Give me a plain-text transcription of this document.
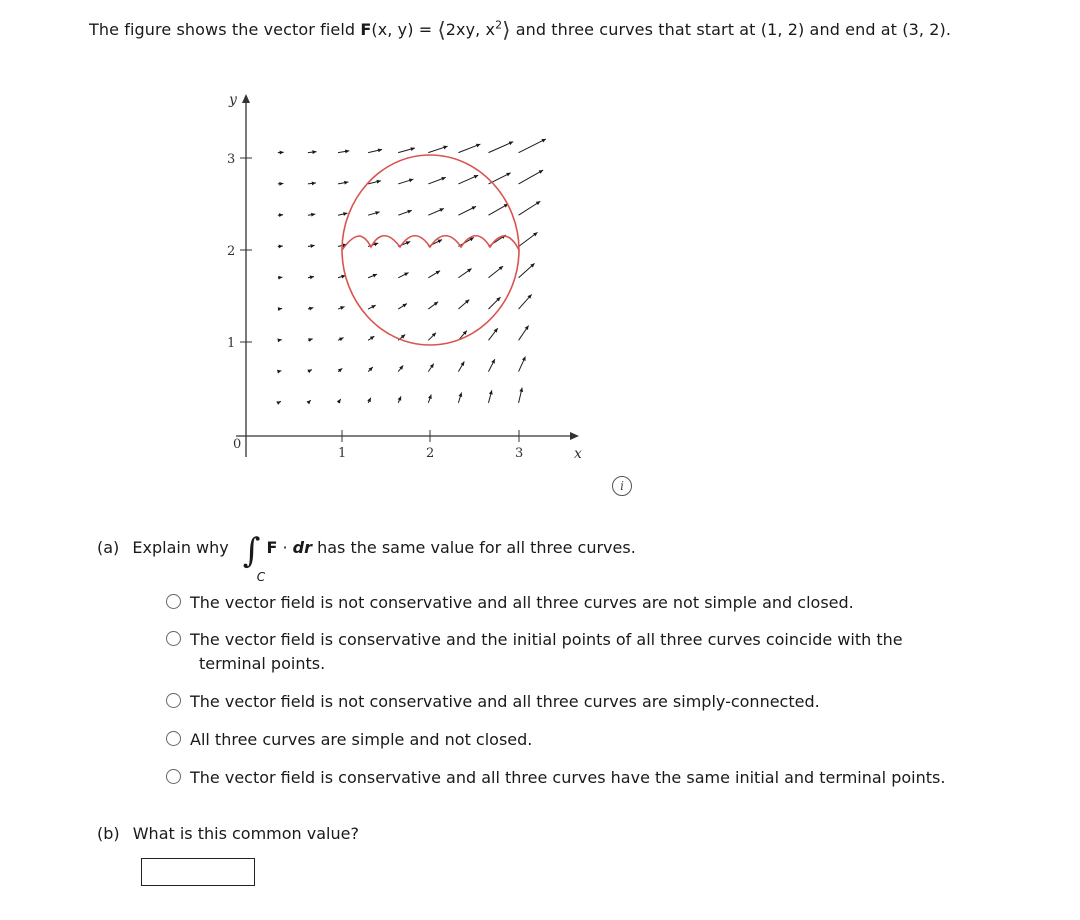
The figure shows the vector field F(x, y) = ⟨2xy, $x^2⟩$ and three curves that start at (1, 2) and end at (3, 2).
y
x
3
2
1
0
1	2	3
i
(a) Explain why ∫
C
F · dr has the same value for all three curves.
The vector field is not conservative and all three curves are not simple and closed.
The vector field is conservative and the initial points of all three curves coincide with the
terminal points.
The vector field is not conservative and all three curves are simply-connected.
All three curves are simple and not closed.
The vector field is conservative and all three curves have the same initial and terminal points.
(b) What is this common value?
